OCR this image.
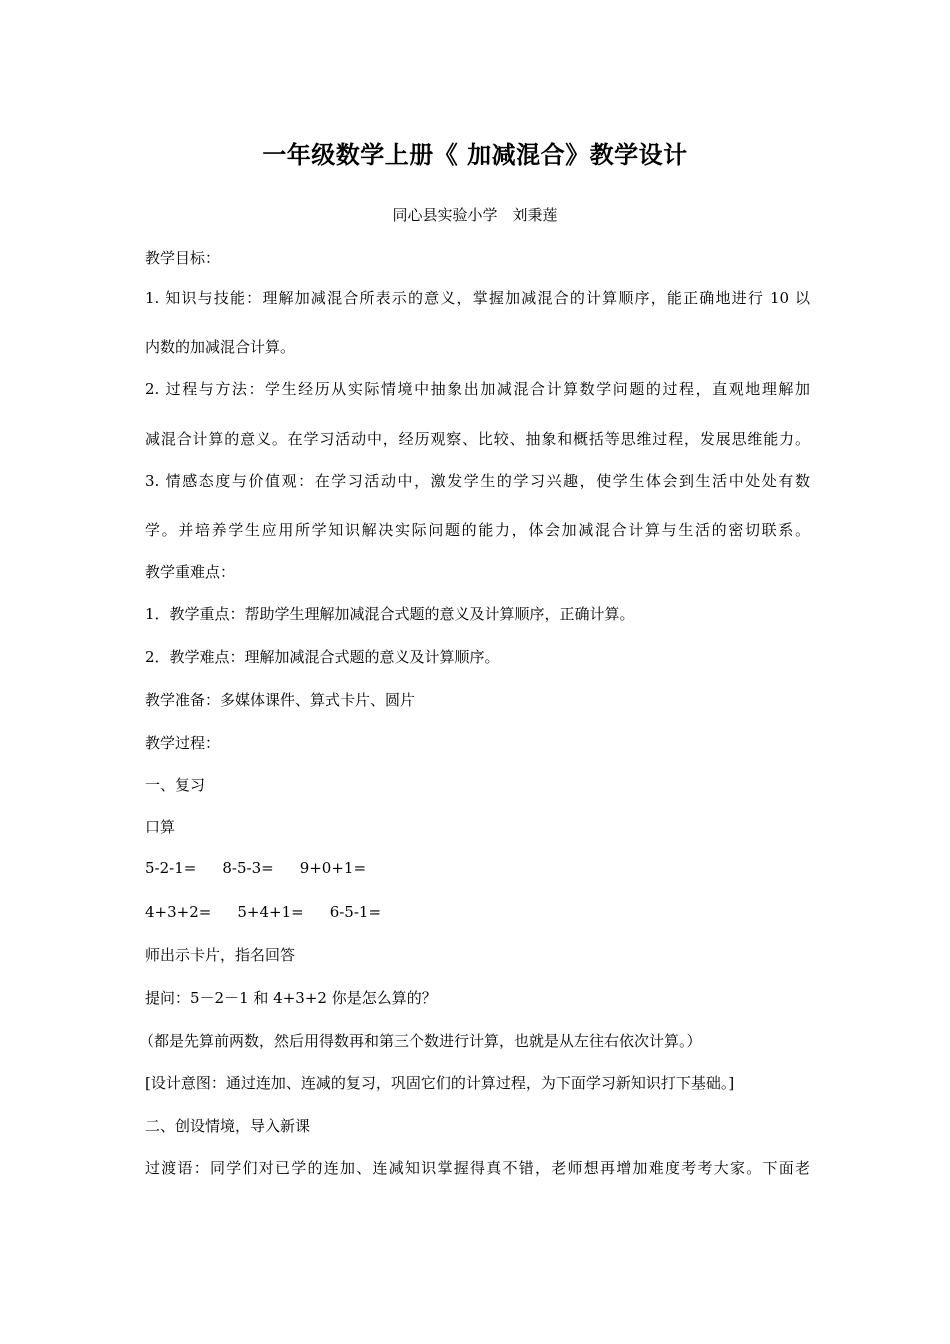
一年级数学上册《 加减混合》教学设计
同心县实验小学　刘秉莲
教学目标：
1. 知识与技能：理解加减混合所表示的意义，掌握加减混合的计算顺序，能正确地进行 10 以
内数的加减混合计算。
2. 过程与方法：学生经历从实际情境中抽象出加减混合计算数学问题的过程，直观地理解加
减混合计算的意义。在学习活动中，经历观察、比较、抽象和概括等思维过程，发展思维能力。
3. 情感态度与价值观：在学习活动中，激发学生的学习兴趣，使学生体会到生活中处处有数
学。并培养学生应用所学知识解决实际问题的能力，体会加减混合计算与生活的密切联系。
教学重难点：
1．教学重点：帮助学生理解加减混合式题的意义及计算顺序，正确计算。
2．教学难点：理解加减混合式题的意义及计算顺序。
教学准备：多媒体课件、算式卡片、圆片
教学过程：
一、复习
口算
5-2-1= 8-5-3= 9+0+1=
4+3+2= 5+4+1= 6-5-1=
师出示卡片，指名回答
提问：5－2－1 和 4+3+2 你是怎么算的？
（都是先算前两数，然后用得数再和第三个数进行计算，也就是从左往右依次计算。）
[设计意图：通过连加、连减的复习，巩固它们的计算过程，为下面学习新知识打下基础。]
二、创设情境，导入新课
过渡语：同学们对已学的连加、连减知识掌握得真不错，老师想再增加难度考考大家。下面老
